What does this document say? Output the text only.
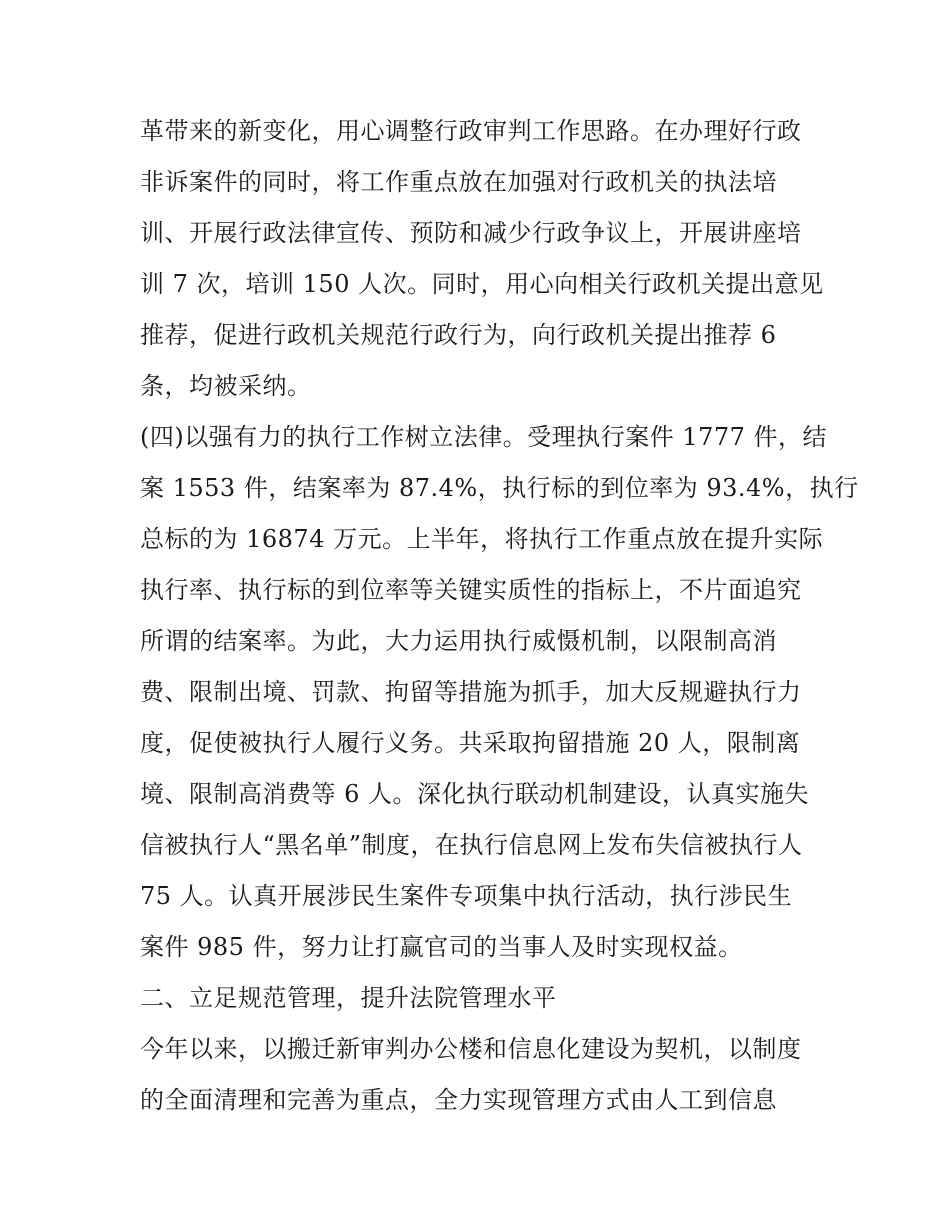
革带来的新变化，用心调整行政审判工作思路。在办理好行政
非诉案件的同时，将工作重点放在加强对行政机关的执法培
训、开展行政法律宣传、预防和减少行政争议上，开展讲座培
训 7 次，培训 150 人次。同时，用心向相关行政机关提出意见
推荐，促进行政机关规范行政行为，向行政机关提出推荐 6
条，均被采纳。
(四)以强有力的执行工作树立法律。受理执行案件 1777 件，结
案 1553 件，结案率为 87.4%，执行标的到位率为 93.4%，执行
总标的为 16874 万元。上半年，将执行工作重点放在提升实际
执行率、执行标的到位率等关键实质性的指标上，不片面追究
所谓的结案率。为此，大力运用执行威慑机制，以限制高消
费、限制出境、罚款、拘留等措施为抓手，加大反规避执行力
度，促使被执行人履行义务。共采取拘留措施 20 人，限制离
境、限制高消费等 6 人。深化执行联动机制建设，认真实施失
信被执行人“黑名单”制度，在执行信息网上发布失信被执行人
75 人。认真开展涉民生案件专项集中执行活动，执行涉民生
案件 985 件，努力让打赢官司的当事人及时实现权益。
二、立足规范管理，提升法院管理水平
今年以来，以搬迁新审判办公楼和信息化建设为契机，以制度
的全面清理和完善为重点，全力实现管理方式由人工到信息
